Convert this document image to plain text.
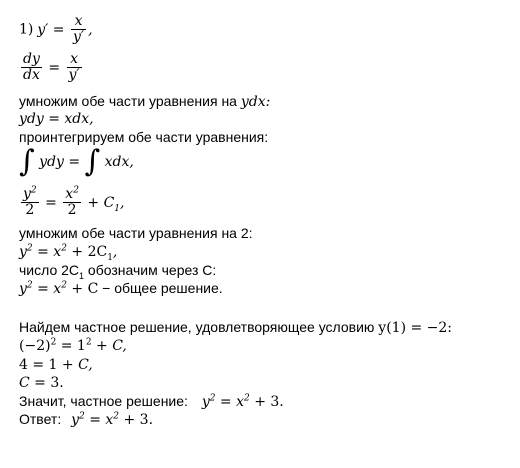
1) $y' = \frac{x}{y'}$ ,
$\frac{dy}{dx} = \frac{x}{y'}$
умножим обе части уравнения на ydx:
ydy = xdx,
проинтегрируем обе части уравнения:
∫ ydy = ∫ xdx,
$\frac{y^2}{2} = \frac{x^2}{2} + C_1$,
умножим обе части уравнения на 2:
$y^2 = x^2 + 2C_1$,
число $2C_1$ обозначим через C:
$y^2 = x^2 + C$ − общее решение.
Найдем частное решение, удовлетворяющее условию y(1) = −2:
$(-2)^2 = 1^2 + C$,
4 = 1 + C,
C = 3.
Значит, частное решение: $y^2 = x^2 + 3$.
Ответ: $y^2 = x^2 + 3$.
